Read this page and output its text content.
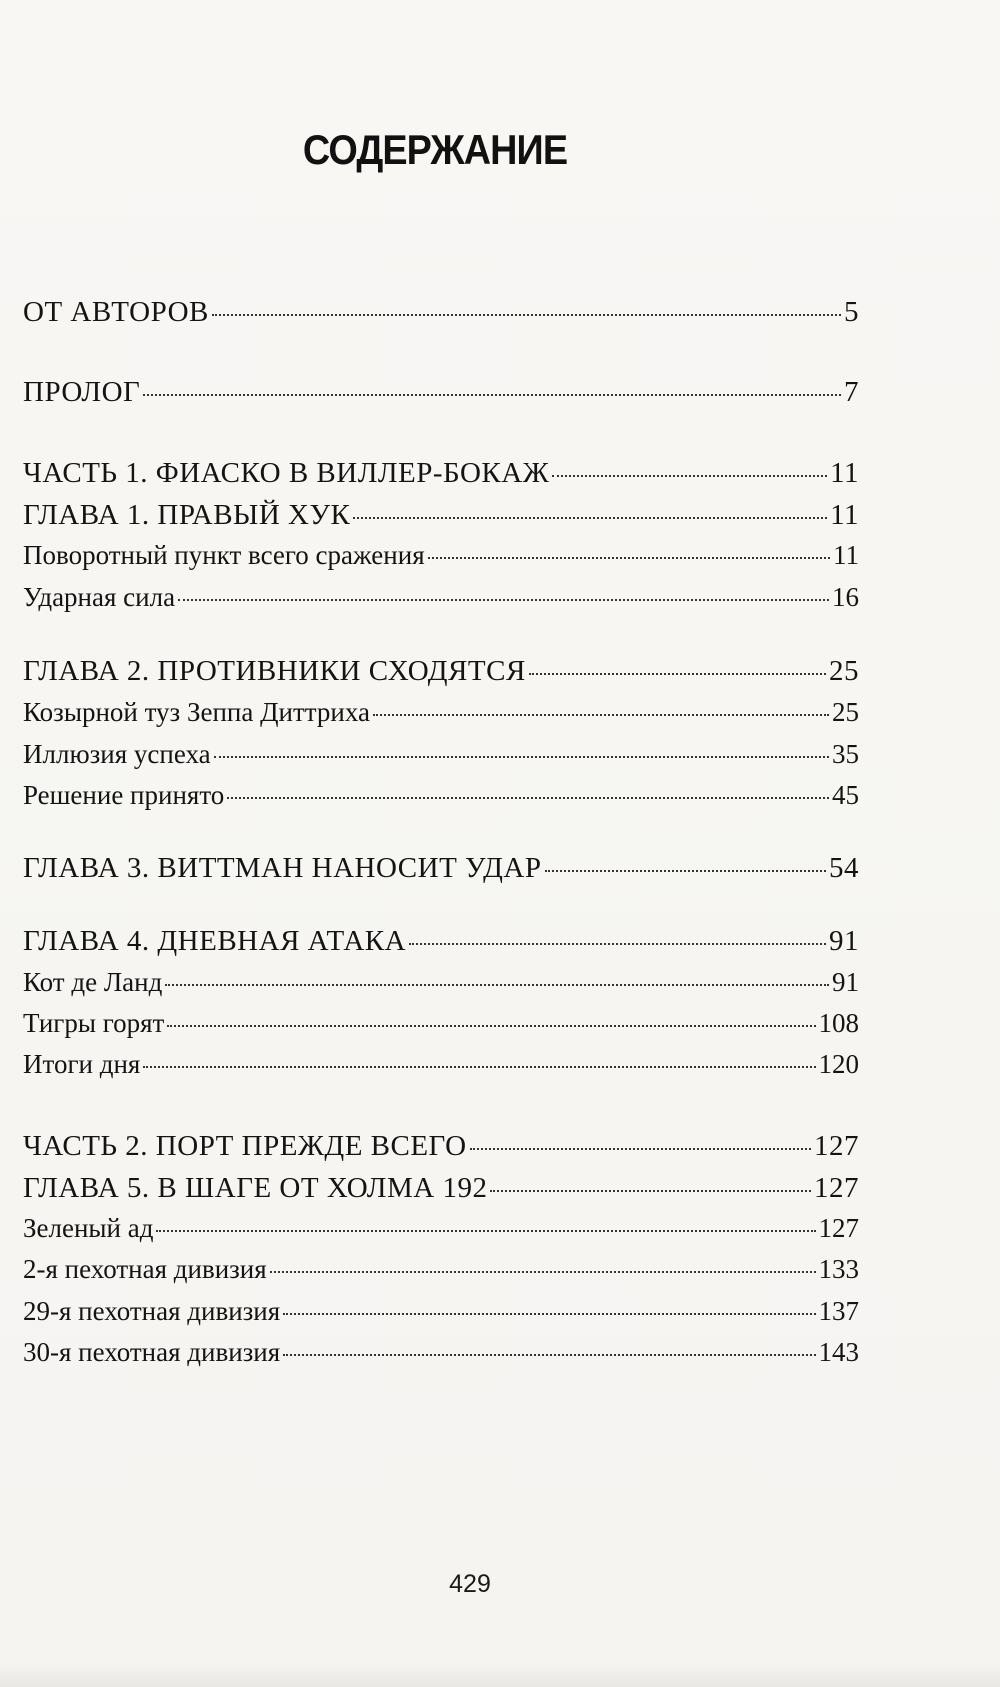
СОДЕРЖАНИЕ
ОТ АВТОРОВ	5
ПРОЛОГ	7
ЧАСТЬ 1. ФИАСКО В ВИЛЛЕР-БОКАЖ	11
ГЛАВА 1. ПРАВЫЙ ХУК	11
Поворотный пункт всего сражения	11
Ударная сила	16
ГЛАВА 2. ПРОТИВНИКИ СХОДЯТСЯ	25
Козырной туз Зеппа Диттриха	25
Иллюзия успеха	35
Решение принято	45
ГЛАВА 3. ВИТТМАН НАНОСИТ УДАР	54
ГЛАВА 4. ДНЕВНАЯ АТАКА	91
Кот де Ланд	91
Тигры горят	108
Итоги дня	120
ЧАСТЬ 2. ПОРТ ПРЕЖДЕ ВСЕГО	127
ГЛАВА 5. В ШАГЕ ОТ ХОЛМА 192	127
Зеленый ад	127
2-я пехотная дивизия	133
29-я пехотная дивизия	137
30-я пехотная дивизия	143
429
